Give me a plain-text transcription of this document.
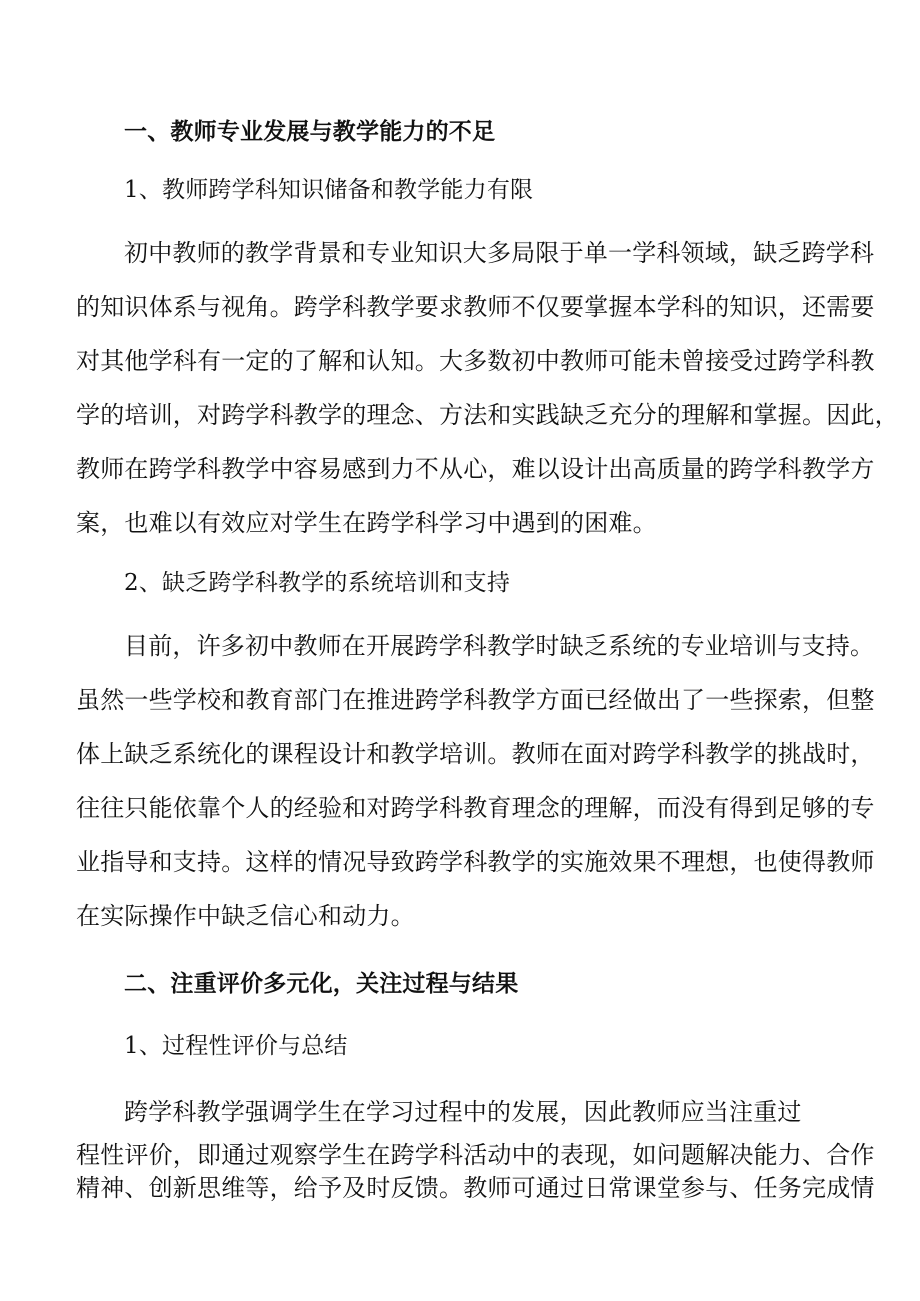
一、教师专业发展与教学能力的不足
1、教师跨学科知识储备和教学能力有限
初中教师的教学背景和专业知识大多局限于单一学科领域，缺乏跨学科
的知识体系与视角。跨学科教学要求教师不仅要掌握本学科的知识，还需要
对其他学科有一定的了解和认知。大多数初中教师可能未曾接受过跨学科教
学的培训，对跨学科教学的理念、方法和实践缺乏充分的理解和掌握。因此，
教师在跨学科教学中容易感到力不从心，难以设计出高质量的跨学科教学方
案，也难以有效应对学生在跨学科学习中遇到的困难。
2、缺乏跨学科教学的系统培训和支持
目前，许多初中教师在开展跨学科教学时缺乏系统的专业培训与支持。
虽然一些学校和教育部门在推进跨学科教学方面已经做出了一些探索，但整
体上缺乏系统化的课程设计和教学培训。教师在面对跨学科教学的挑战时，
往往只能依靠个人的经验和对跨学科教育理念的理解，而没有得到足够的专
业指导和支持。这样的情况导致跨学科教学的实施效果不理想，也使得教师
在实际操作中缺乏信心和动力。
二、注重评价多元化，关注过程与结果
1、过程性评价与总结
跨学科教学强调学生在学习过程中的发展，因此教师应当注重过
程性评价，即通过观察学生在跨学科活动中的表现，如问题解决能力、合作
精神、创新思维等，给予及时反馈。教师可通过日常课堂参与、任务完成情
